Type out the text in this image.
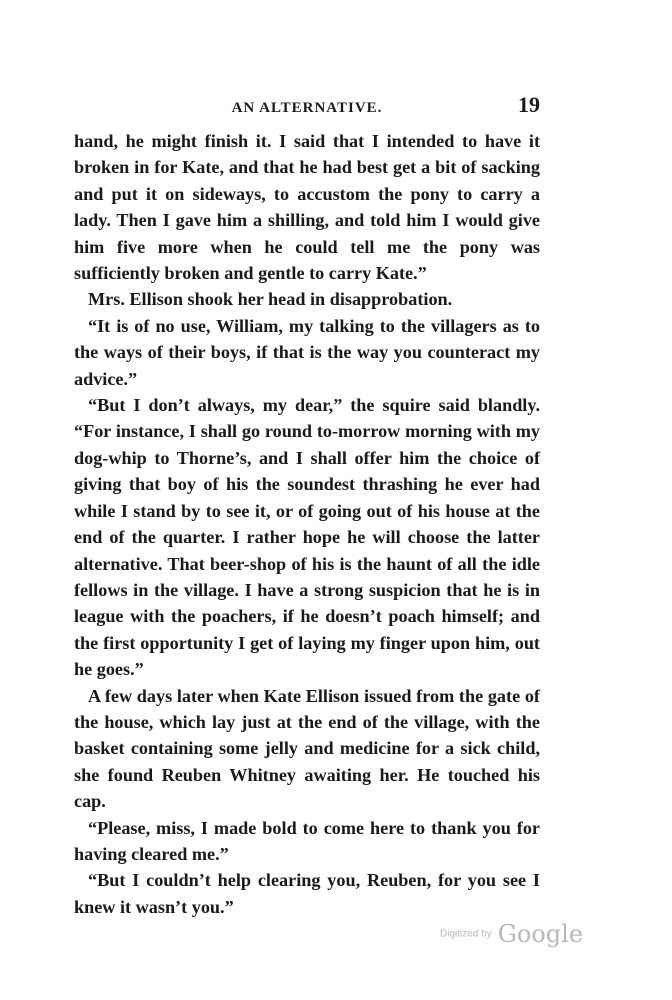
AN ALTERNATIVE.	19

hand, he might finish it. I said that I intended to have it broken in for Kate, and that he had best get a bit of sacking and put it on sideways, to accustom the pony to carry a lady. Then I gave him a shilling, and told him I would give him five more when he could tell me the pony was sufficiently broken and gentle to carry Kate.”

Mrs. Ellison shook her head in disapprobation.

“It is of no use, William, my talking to the villagers as to the ways of their boys, if that is the way you counteract my advice.”

“But I don’t always, my dear,” the squire said blandly. “For instance, I shall go round to-morrow morning with my dog-whip to Thorne’s, and I shall offer him the choice of giving that boy of his the soundest thrashing he ever had while I stand by to see it, or of going out of his house at the end of the quarter. I rather hope he will choose the latter alternative. That beer-shop of his is the haunt of all the idle fellows in the village. I have a strong suspicion that he is in league with the poachers, if he doesn’t poach himself; and the first opportunity I get of laying my finger upon him, out he goes.”

A few days later when Kate Ellison issued from the gate of the house, which lay just at the end of the village, with the basket containing some jelly and medicine for a sick child, she found Reuben Whitney awaiting her. He touched his cap.

“Please, miss, I made bold to come here to thank you for having cleared me.”

“But I couldn’t help clearing you, Reuben, for you see I knew it wasn’t you.”

Digitized by Google
